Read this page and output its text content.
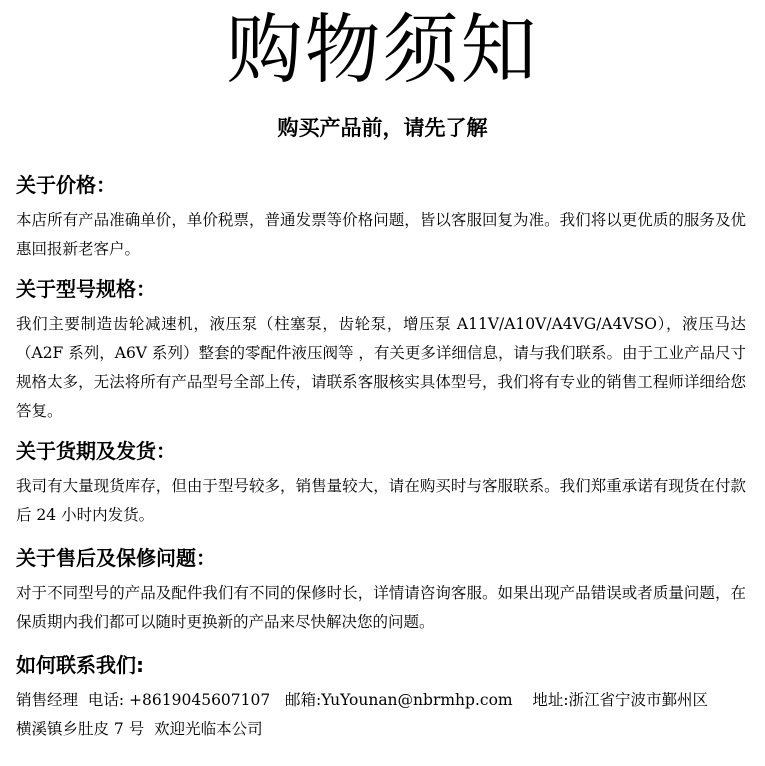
购物须知
购买产品前，请先了解

关于价格：

本店所有产品准确单价，单价税票，普通发票等价格问题，皆以客服回复为准。我们将以更优质的服务及优惠回报新老客户。

关于型号规格：

我们主要制造齿轮减速机，液压泵（柱塞泵，齿轮泵，增压泵 A11V/A10V/A4VG/A4VSO），液压马达（A2F 系列，A6V 系列）整套的零配件液压阀等 ，有关更多详细信息，请与我们联系。由于工业产品尺寸规格太多，无法将所有产品型号全部上传，请联系客服核实具体型号，我们将有专业的销售工程师详细给您答复。

关于货期及发货：

我司有大量现货库存，但由于型号较多，销售量较大，请在购买时与客服联系。我们郑重承诺有现货在付款后 24 小时内发货。

关于售后及保修问题：

对于不同型号的产品及配件我们有不同的保修时长，详情请咨询客服。如果出现产品错误或者质量问题，在保质期内我们都可以随时更换新的产品来尽快解决您的问题。

如何联系我们:

销售经理 电话: +8619045607107 邮箱:YuYounan@nbrmhp.com 地址:浙江省宁波市鄞州区
横溪镇乡肚皮 7 号 欢迎光临本公司
